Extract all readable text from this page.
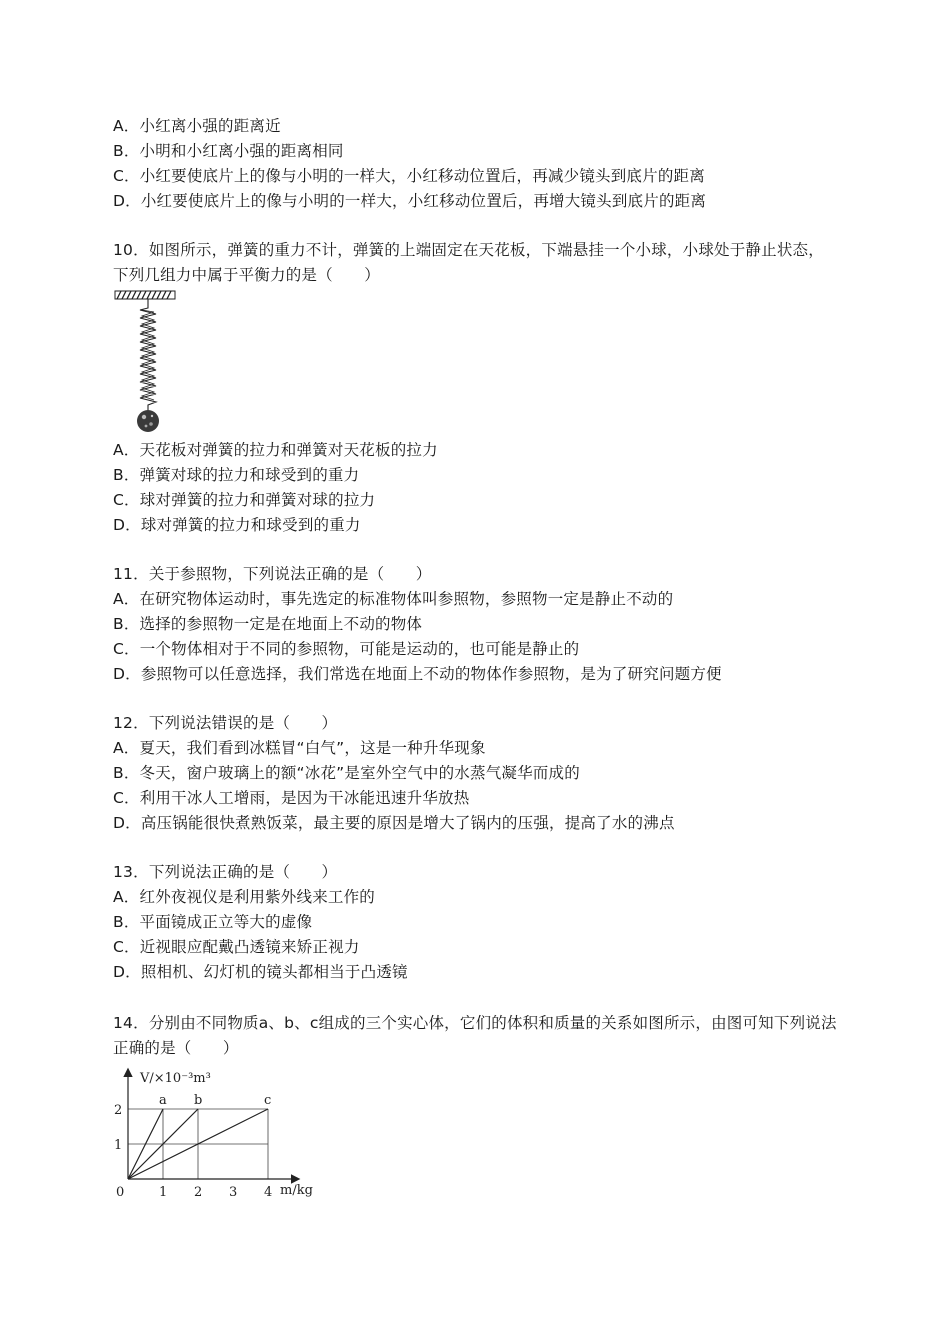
A．小红离小强的距离近
B．小明和小红离小强的距离相同
C．小红要使底片上的像与小明的一样大，小红移动位置后，再减少镜头到底片的距离
D．小红要使底片上的像与小明的一样大，小红移动位置后，再增大镜头到底片的距离
10．如图所示，弹簧的重力不计，弹簧的上端固定在天花板，下端悬挂一个小球，小球处于静止状态，下列几组力中属于平衡力的是（　　）
A．天花板对弹簧的拉力和弹簧对天花板的拉力
B．弹簧对球的拉力和球受到的重力
C．球对弹簧的拉力和弹簧对球的拉力
D．球对弹簧的拉力和球受到的重力
11．关于参照物，下列说法正确的是（　　）
A．在研究物体运动时，事先选定的标准物体叫参照物，参照物一定是静止不动的
B．选择的参照物一定是在地面上不动的物体
C．一个物体相对于不同的参照物，可能是运动的，也可能是静止的
D．参照物可以任意选择，我们常选在地面上不动的物体作参照物，是为了研究问题方便
12．下列说法错误的是（　　）
A．夏天，我们看到冰糕冒“白气”，这是一种升华现象
B．冬天，窗户玻璃上的额“冰花”是室外空气中的水蒸气凝华而成的
C．利用干冰人工增雨，是因为干冰能迅速升华放热
D．高压锅能很快煮熟饭菜，最主要的原因是增大了锅内的压强，提高了水的沸点
13．下列说法正确的是（　　）
A．红外夜视仪是利用紫外线来工作的
B．平面镜成正立等大的虚像
C．近视眼应配戴凸透镜来矫正视力
D．照相机、幻灯机的镜头都相当于凸透镜
14．分别由不同物质a、b、c组成的三个实心体，它们的体积和质量的关系如图所示，由图可知下列说法正确的是（　　）
a b	c
0	1 2 3 4
1
2
V/×10⁻³m³
m/kg
